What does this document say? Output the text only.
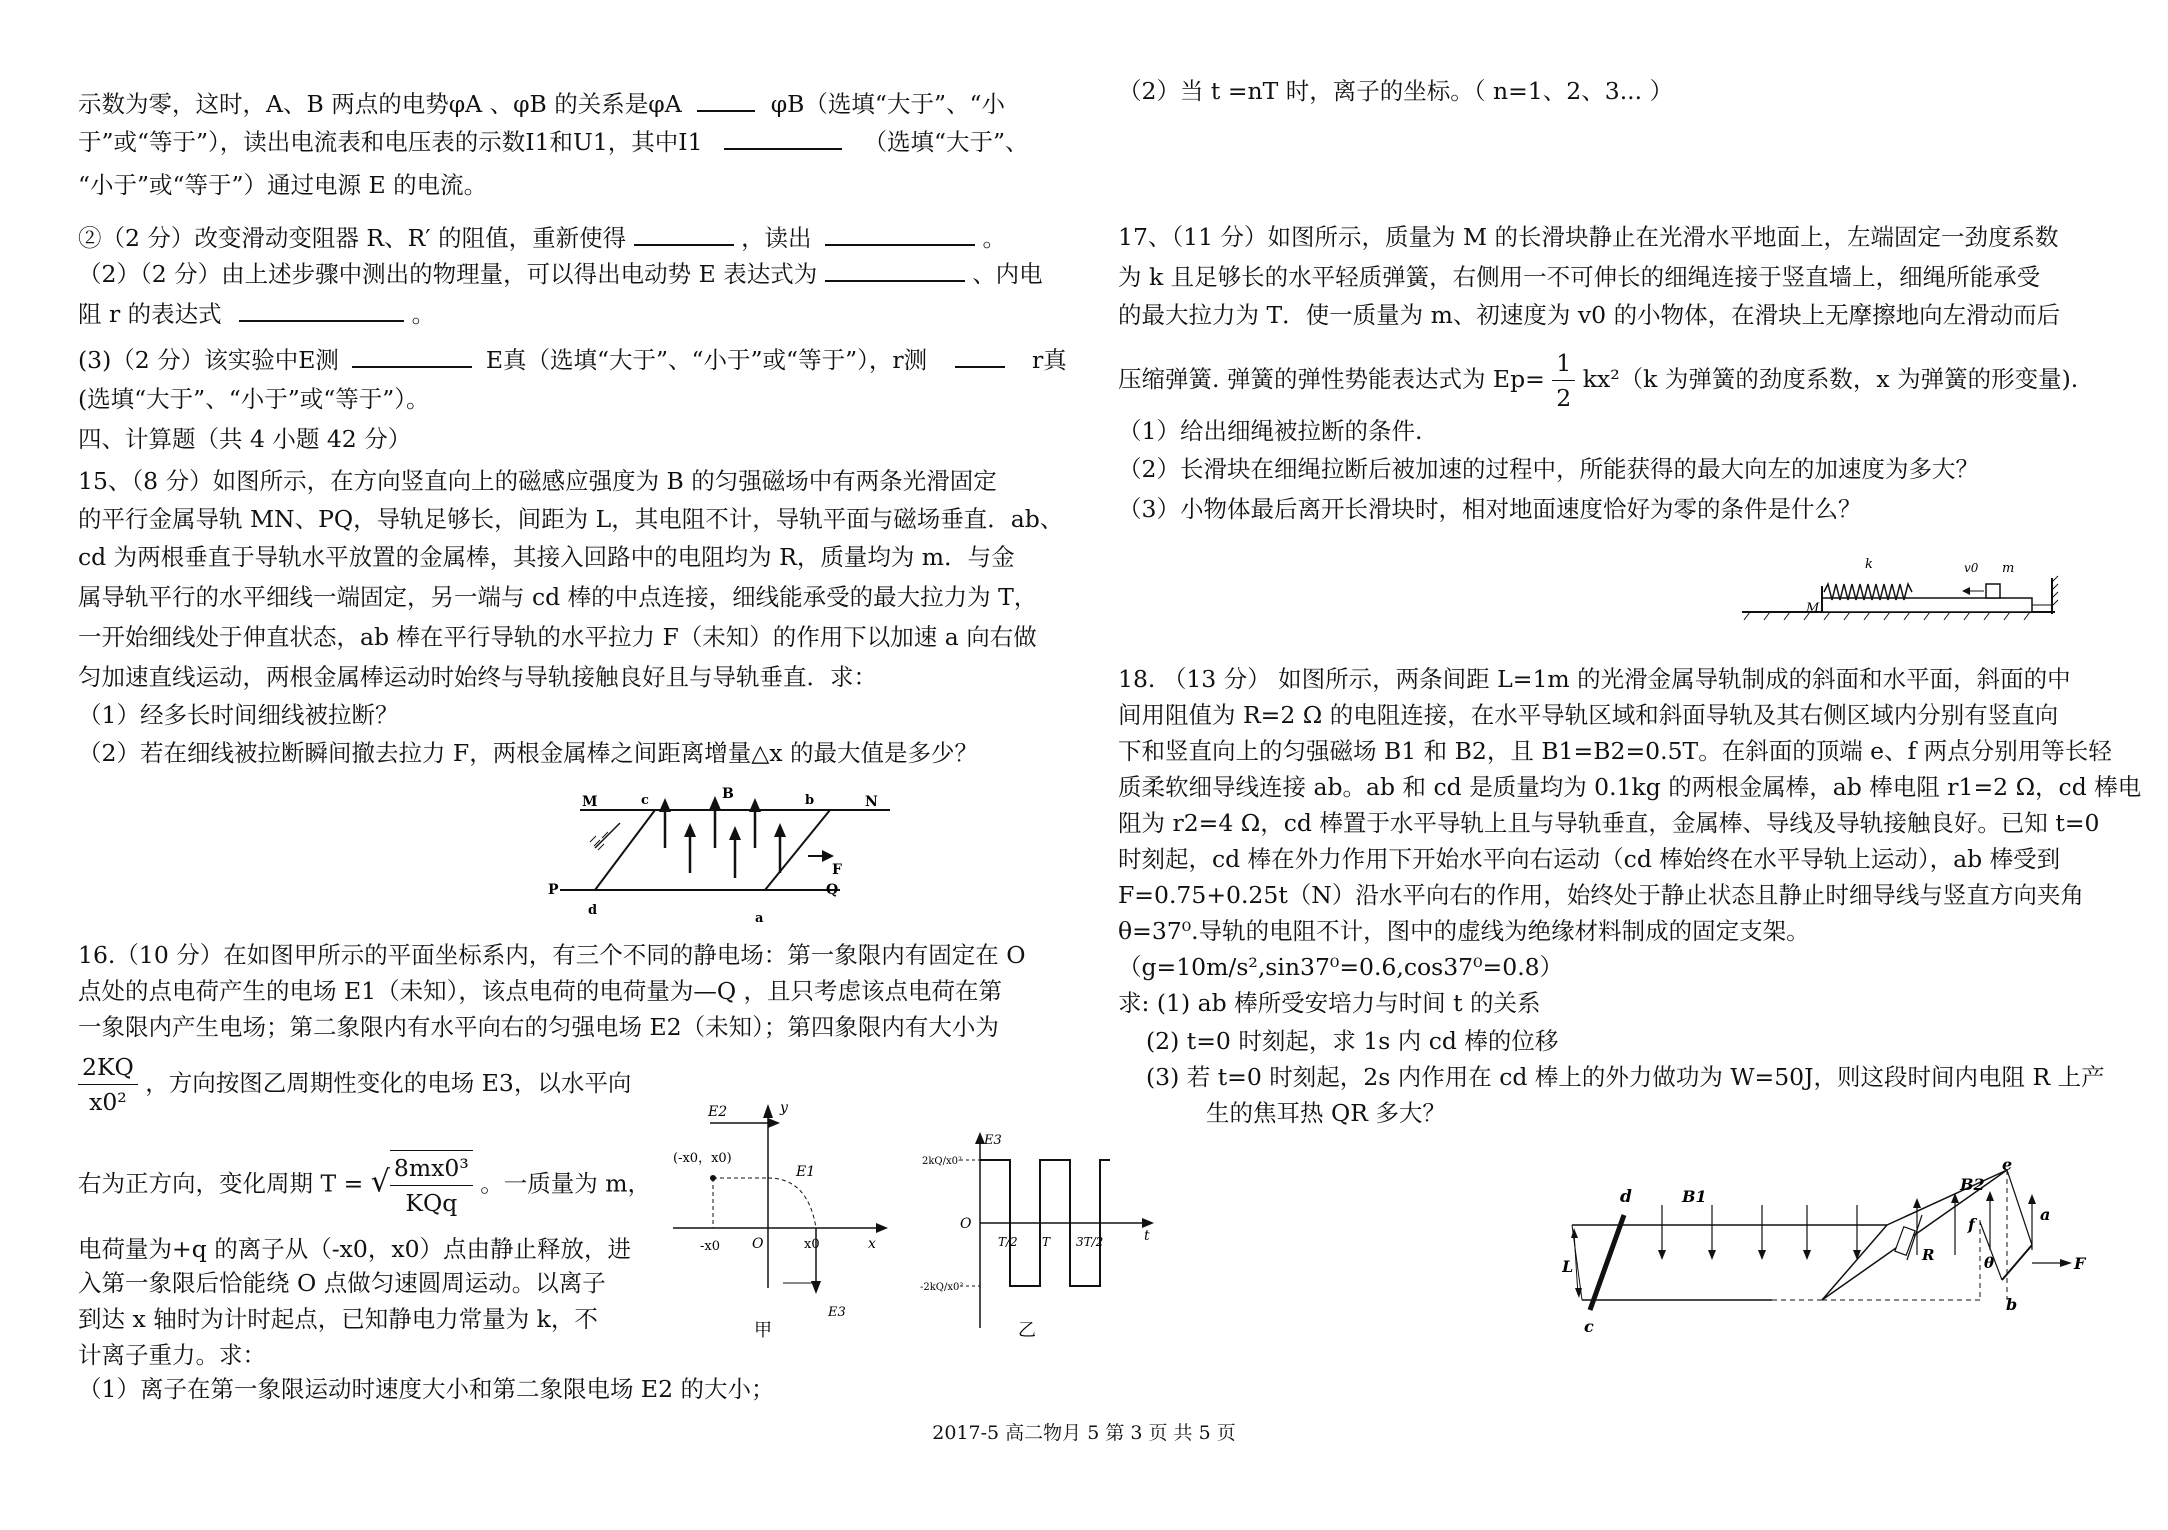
示数为零，这时，A、B 两点的电势φA 、φB 的关系是φA	φB（选填“大于”、“小
于”或“等于”），读出电流表和电压表的示数I1和U1，其中I1	（选填“大于”、
“小于”或“等于”）通过电源 E 的电流。
②（2 分）改变滑动变阻器 R、R′ 的阻值，重新使得	，读出	。
（2）（2 分）由上述步骤中测出的物理量，可以得出电动势 E 表达式为	、内电
阻 r 的表达式	。
(3)（2 分）该实验中E测	E真（选填“大于”、“小于”或“等于”），r测	r真
(选填“大于”、“小于”或“等于”）。
四、计算题（共 4 小题 42 分）
15、（8 分）如图所示，在方向竖直向上的磁感应强度为 B 的匀强磁场中有两条光滑固定
的平行金属导轨 MN、PQ，导轨足够长，间距为 L，其电阻不计，导轨平面与磁场垂直．ab、
cd 为两根垂直于导轨水平放置的金属棒，其接入回路中的电阻均为 R，质量均为 m．与金
属导轨平行的水平细线一端固定，另一端与 cd 棒的中点连接，细线能承受的最大拉力为 T，
一开始细线处于伸直状态，ab 棒在平行导轨的水平拉力 F（未知）的作用下以加速 a 向右做
匀加速直线运动，两根金属棒运动时始终与导轨接触良好且与导轨垂直．求：
（1）经多长时间细线被拉断？
（2）若在细线被拉断瞬间撤去拉力 F，两根金属棒之间距离增量△x 的最大值是多少？
16.（10 分）在如图甲所示的平面坐标系内，有三个不同的静电场：第一象限内有固定在 O
点处的点电荷产生的电场 E1（未知），该点电荷的电荷量为—Q ，且只考虑该点电荷在第
一象限内产生电场；第二象限内有水平向右的匀强电场 E2（未知）；第四象限内有大小为
$\frac{2KQ}{\text{x0²}}$ ，方向按图乙周期性变化的电场 E3，以水平向
右为正方向，变化周期 T = √ $\frac{\text{8mx0³}}{\text{KQq}}$ 。一质量为 m，
电荷量为+q 的离子从（-x0，x0）点由静止释放，进
入第一象限后恰能绕 O 点做匀速圆周运动。以离子
到达 x 轴时为计时起点，已知静电力常量为 k，不
计离子重力。求：
（1）离子在第一象限运动时速度大小和第二象限电场 E2 的大小；
M	N
P	Q
c	b
d
a
B
F
E2	y
(-x0，x0)
E1
-x0 O	x0	x
E3
甲
E3
2kQ/x0²
O
-2kQ/x0²
T/2 T 3T/2	t
乙
（2）当 t =nT 时，离子的坐标。（ n=1、2、3... ）
17、（11 分）如图所示，质量为 M 的长滑块静止在光滑水平地面上，左端固定一劲度系数
为 k 且足够长的水平轻质弹簧，右侧用一不可伸长的细绳连接于竖直墙上，细绳所能承受
的最大拉力为 T．使一质量为 m、初速度为 v0 的小物体，在滑块上无摩擦地向左滑动而后
压缩弹簧. 弹簧的弹性势能表达式为 $Ep= \frac{1}{2} kx^2(k$ 为弹簧的劲度系数，x 为弹簧的形变量).
（1）给出细绳被拉断的条件.
（2）长滑块在细绳拉断后被加速的过程中，所能获得的最大向左的加速度为多大？
（3）小物体最后离开长滑块时，相对地面速度恰好为零的条件是什么？
18. （13 分） 如图所示，两条间距 L=1m 的光滑金属导轨制成的斜面和水平面，斜面的中
间用阻值为 R=2 Ω 的电阻连接，在水平导轨区域和斜面导轨及其右侧区域内分别有竖直向
下和竖直向上的匀强磁场 B1 和 B2，且 B1=B2=0.5T。在斜面的顶端 e、f 两点分别用等长轻
质柔软细导线连接 ab。ab 和 cd 是质量均为 0.1kg 的两根金属棒，ab 棒电阻 r1=2 Ω，cd 棒电
阻为 r2=4 Ω，cd 棒置于水平导轨上且与导轨垂直，金属棒、导线及导轨接触良好。已知 t=0
时刻起，cd 棒在外力作用下开始水平向右运动（cd 棒始终在水平导轨上运动），ab 棒受到
F=0.75+0.25t（N）沿水平向右的作用，始终处于静止状态且静止时细导线与竖直方向夹角
θ=37⁰.导轨的电阻不计，图中的虚线为绝缘材料制成的固定支架。
（g=10m/s²,sin37⁰=0.6,cos37⁰=0.8）
求: (1) ab 棒所受安培力与时间 t 的关系
(2) t=0 时刻起，求 1s 内 cd 棒的位移
(3) 若 t=0 时刻起，2s 内作用在 cd 棒上的外力做功为 W=50J，则这段时间内电阻 R 上产
生的焦耳热 QR 多大？
k	v0 m
M
d	B1
L
c
R
B2
f
e
a
θ
b
F
2017-5 高二物月 5 第 3 页 共 5 页
